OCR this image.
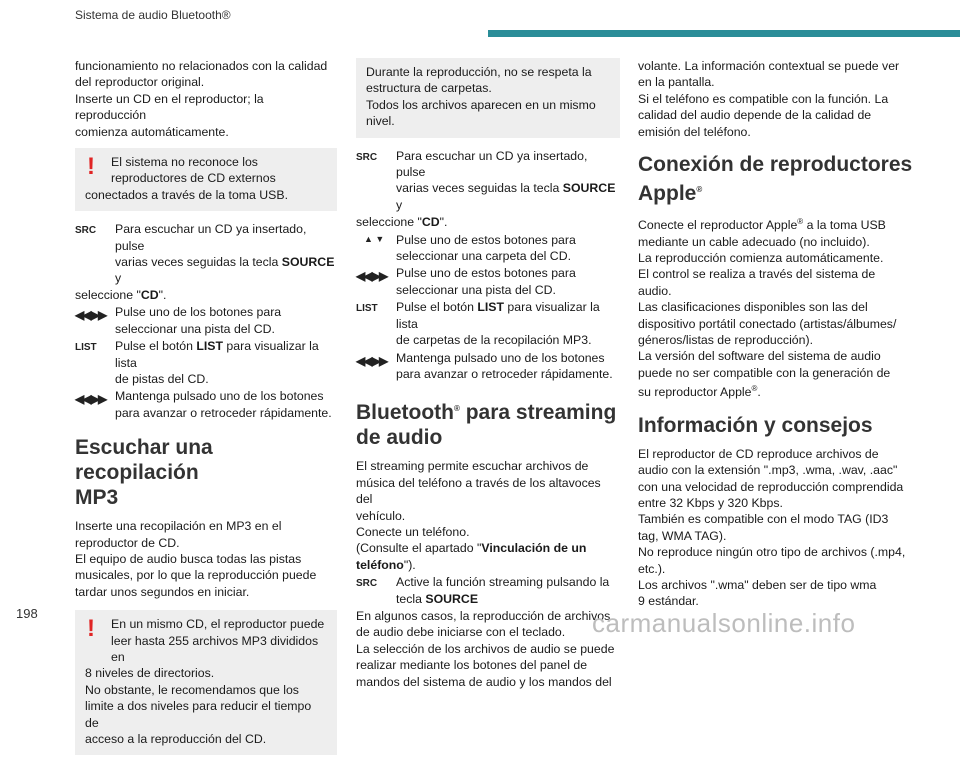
Sistema de audio Bluetooth®

funcionamiento no relacionados con la calidad

del reproductor original.

Inserte un CD en el reproductor; la reproducción

comienza automáticamente.

!	El sistema no reconoce los
reproductores de CD externos
conectados a través de la toma USB.
SRC	Para escuchar un CD ya insertado, pulse
varias veces seguidas la tecla SOURCE y
seleccione "CD".
◀◀ ▶▶ Pulse uno de los botones para
seleccionar una pista del CD.
LIST	Pulse el botón LIST para visualizar la lista
de pistas del CD.
◀◀ ▶▶ Mantenga pulsado uno de los botones
para avanzar o retroceder rápidamente.
Escuchar una recopilación
MP3

Inserte una recopilación en MP3 en el

reproductor de CD.

El equipo de audio busca todas las pistas

musicales, por lo que la reproducción puede

tardar unos segundos en iniciar.

!	En un mismo CD, el reproductor puede
leer hasta 255 archivos MP3 divididos en
8 niveles de directorios.
No obstante, le recomendamos que los
limite a dos niveles para reducir el tiempo de
acceso a la reproducción del CD.
Durante la reproducción, no se respeta la
estructura de carpetas.
Todos los archivos aparecen en un mismo
nivel.
SRC	Para escuchar un CD ya insertado, pulse
varias veces seguidas la tecla SOURCE y
seleccione "CD".
▲ ▼ Pulse uno de estos botones para
seleccionar una carpeta del CD.
◀◀ ▶▶ Pulse uno de estos botones para
seleccionar una pista del CD.
LIST	Pulse el botón LIST para visualizar la lista
de carpetas de la recopilación MP3.
◀◀ ▶▶ Mantenga pulsado uno de los botones
para avanzar o retroceder rápidamente.
Bluetooth® para streaming
de audio

El streaming permite escuchar archivos de

música del teléfono a través de los altavoces del

vehículo.

Conecte un teléfono.

(Consulte el apartado "Vinculación de un

teléfono").

SRC	Active la función streaming pulsando la
tecla SOURCE

En algunos casos, la reproducción de archivos

de audio debe iniciarse con el teclado.

La selección de los archivos de audio se puede

realizar mediante los botones del panel de

mandos del sistema de audio y los mandos del

volante. La información contextual se puede ver

en la pantalla.

Si el teléfono es compatible con la función. La

calidad del audio depende de la calidad de

emisión del teléfono.

Conexión de reproductores
Apple®

Conecte el reproductor Apple® a la toma USB

mediante un cable adecuado (no incluido).

La reproducción comienza automáticamente.

El control se realiza a través del sistema de

audio.

Las clasificaciones disponibles son las del

dispositivo portátil conectado (artistas/álbumes/

géneros/listas de reproducción).

La versión del software del sistema de audio

puede no ser compatible con la generación de

su reproductor Apple®.

Información y consejos

El reproductor de CD reproduce archivos de

audio con la extensión ".mp3, .wma, .wav, .aac"

con una velocidad de reproducción comprendida

entre 32 Kbps y 320 Kbps.

También es compatible con el modo TAG (ID3

tag, WMA TAG).

No reproduce ningún otro tipo de archivos (.mp4,

etc.).

Los archivos ".wma" deben ser de tipo wma

9 estándar.

198	carmanualsonline.info
